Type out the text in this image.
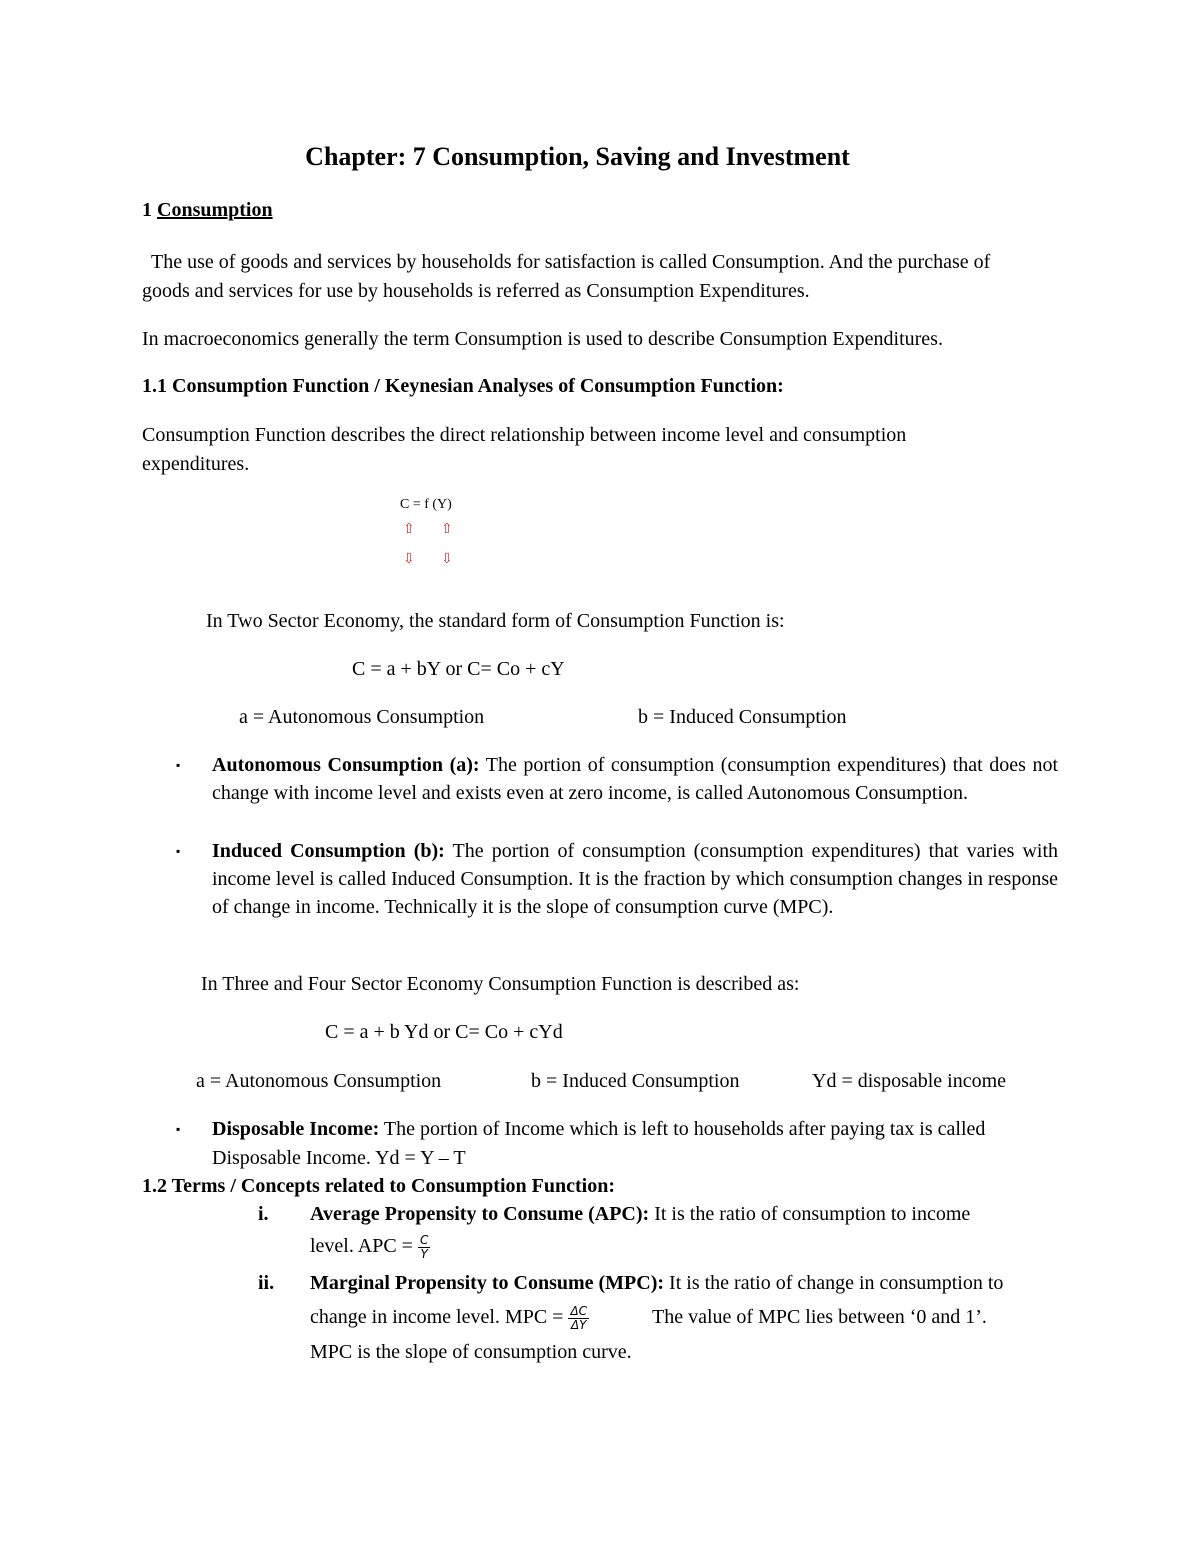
Chapter: 7 Consumption, Saving and Investment
1 Consumption
The use of goods and services by households for satisfaction is called Consumption. And the purchase of
goods and services for use by households is referred as Consumption Expenditures.
In macroeconomics generally the term Consumption is used to describe Consumption Expenditures.
1.1 Consumption Function / Keynesian Analyses of Consumption Function:
Consumption Function describes the direct relationship between income level and consumption
expenditures.
C = f (Y)
⇧ ⇧
⇩ ⇩
In Two Sector Economy, the standard form of Consumption Function is:
C = a + bY or C= Co + cY
a = Autonomous Consumption	b = Induced Consumption
▪ Autonomous Consumption (a): The portion of consumption (consumption expenditures) that does not change with income level and exists even at zero income, is called Autonomous Consumption.
▪ Induced Consumption (b): The portion of consumption (consumption expenditures) that varies with income level is called Induced Consumption. It is the fraction by which consumption changes in response of change in income. Technically it is the slope of consumption curve (MPC).
In Three and Four Sector Economy Consumption Function is described as:
C = a + b Yd or C= Co + cYd
a = Autonomous Consumption	b = Induced Consumption	Yd = disposable income
▪ Disposable Income: The portion of Income which is left to households after paying tax is called
Disposable Income. Yd = Y – T
1.2 Terms / Concepts related to Consumption Function:
i. Average Propensity to Consume (APC): It is the ratio of consumption to income
level. APC = $\frac{C}{Y}$
ii. Marginal Propensity to Consume (MPC): It is the ratio of change in consumption to
change in income level. MPC = $\frac{\Delta C}{\Delta Y}$	The value of MPC lies between ‘0 and 1’.
MPC is the slope of consumption curve.
